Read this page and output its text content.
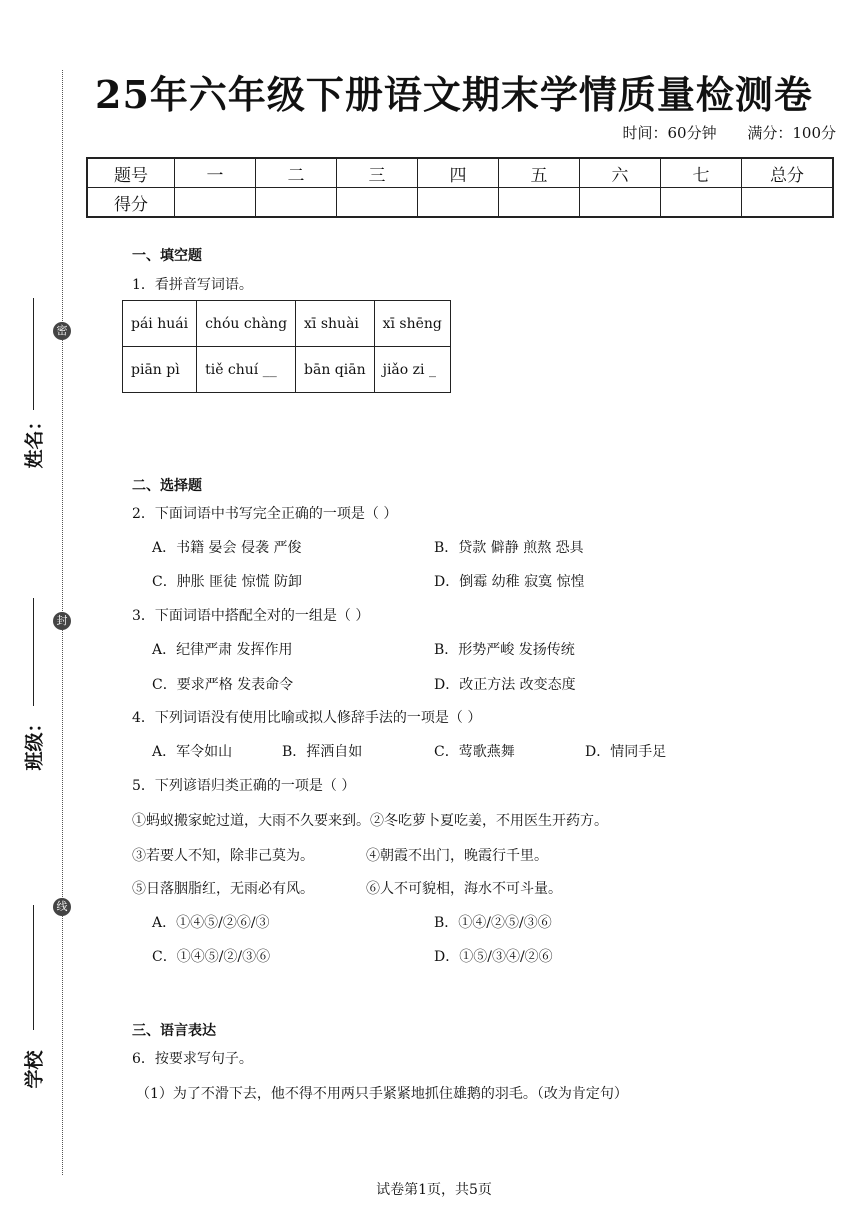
密
封
线
姓名：
班级：
学校
25年六年级下册语文期末学情质量检测卷
时间：60分钟 满分：100分
题号	一	二	三	四	五	六	七	总分
得分								
一、填空题
1．看拼音写词语。
pái huái	chóu chàng	xī shuài	xī shēng
piān pì	tiě chuí __	bān qiān	jiǎo zi _
二、选择题
2．下面词语中书写完全正确的一项是（ ）
A．书籍 晏会 侵袭 严俊	B．贷款 僻静 煎熬 恐具
C．肿胀 匪徒 惊慌 防卸	D．倒霉 幼稚 寂寞 惊惶
3．下面词语中搭配全对的一组是（ ）
A．纪律严肃 发挥作用	B．形势严峻 发扬传统
C．要求严格 发表命令	D．改正方法 改变态度
4．下列词语没有使用比喻或拟人修辞手法的一项是（ ）
A．军令如山	B．挥洒自如	C．莺歌燕舞	D．情同手足
5．下列谚语归类正确的一项是（ ）
①蚂蚁搬家蛇过道，大雨不久要来到。②冬吃萝卜夏吃姜，不用医生开药方。
③若要人不知，除非己莫为。	④朝霞不出门，晚霞行千里。
⑤日落胭脂红，无雨必有风。	⑥人不可貌相，海水不可斗量。
A．①④⑤/②⑥/③	B．①④/②⑤/③⑥
C．①④⑤/②/③⑥	D．①⑤/③④/②⑥
三、语言表达
6．按要求写句子。
（1）为了不滑下去，他不得不用两只手紧紧地抓住雄鹅的羽毛。（改为肯定句）
试卷第1页，共5页
